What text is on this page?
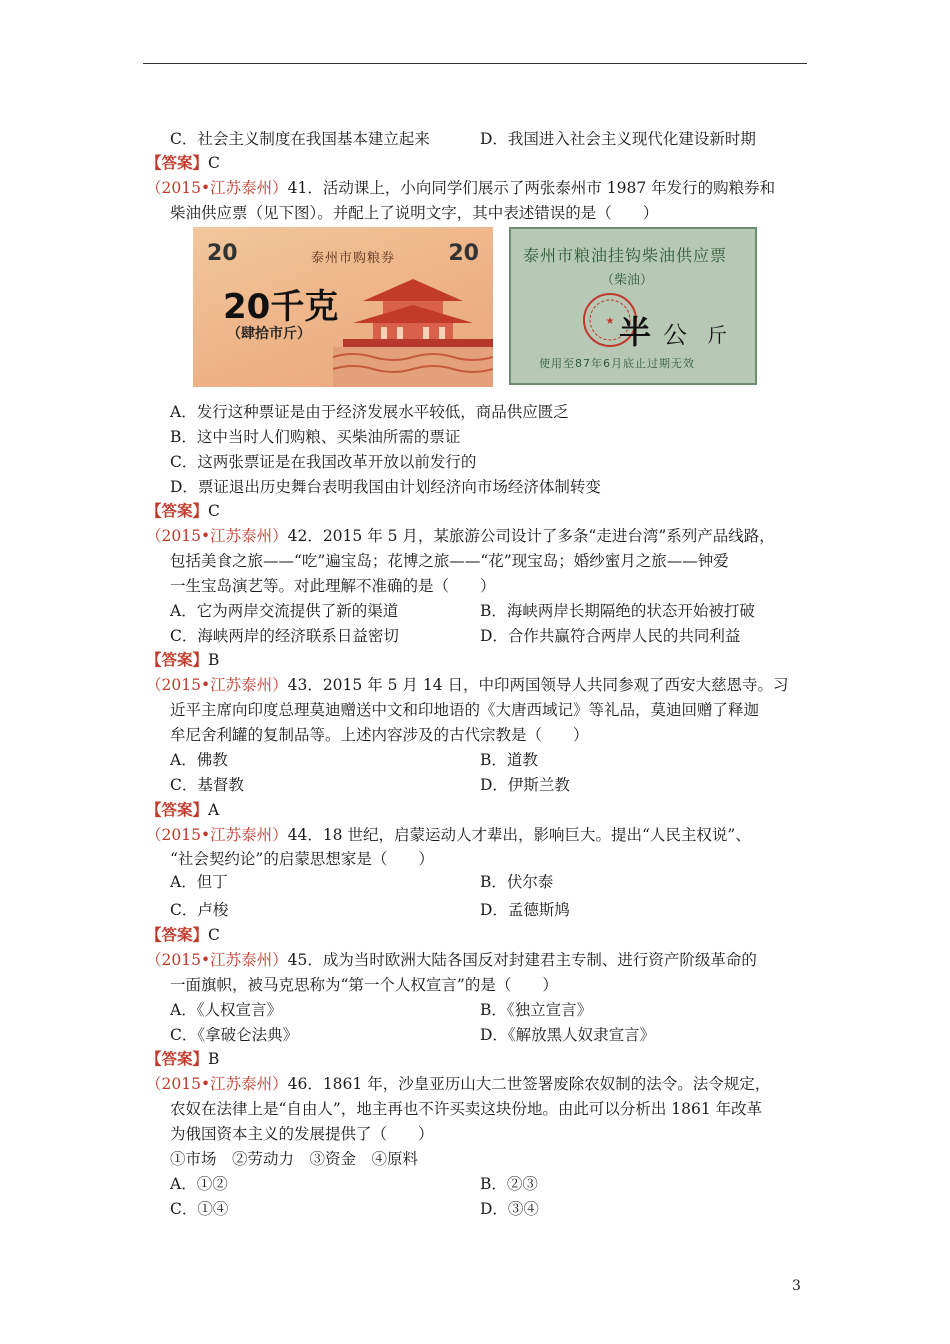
C．社会主义制度在我国基本建立起来	D．我国进入社会主义现代化建设新时期
【答案】C
（2015•江苏泰州）41．活动课上，小向同学们展示了两张泰州市 1987 年发行的购粮券和
柴油供应票（见下图）。并配上了说明文字，其中表述错误的是（　　）
A．发行这种票证是由于经济发展水平较低，商品供应匮乏
B．这中当时人们购粮、买柴油所需的票证
C．这两张票证是在我国改革开放以前发行的
D．票证退出历史舞台表明我国由计划经济向市场经济体制转变
【答案】C
（2015•江苏泰州）42．2015 年 5 月，某旅游公司设计了多条“走进台湾”系列产品线路，
包括美食之旅——“吃”遍宝岛；花博之旅——“花”现宝岛；婚纱蜜月之旅——钟爱
一生宝岛演艺等。对此理解不准确的是（　　）
A．它为两岸交流提供了新的渠道	B．海峡两岸长期隔绝的状态开始被打破
C．海峡两岸的经济联系日益密切	D．合作共赢符合两岸人民的共同利益
【答案】B
（2015•江苏泰州）43．2015 年 5 月 14 日，中印两国领导人共同参观了西安大慈恩寺。习
近平主席向印度总理莫迪赠送中文和印地语的《大唐西域记》等礼品，莫迪回赠了释迦
牟尼舍利罐的复制品等。上述内容涉及的古代宗教是（　　）
A．佛教	B．道教
C．基督教	D．伊斯兰教
【答案】A
（2015•江苏泰州）44．18 世纪，启蒙运动人才辈出，影响巨大。提出“人民主权说”、
“社会契约论”的启蒙思想家是（　　）
A．但丁	B．伏尔泰
C．卢梭	D．孟德斯鸠
【答案】C
（2015•江苏泰州）45．成为当时欧洲大陆各国反对封建君主专制、进行资产阶级革命的
一面旗帜，被马克思称为“第一个人权宣言”的是（　　）
A．《人权宣言》	B．《独立宣言》
C．《拿破仑法典》	D．《解放黑人奴隶宣言》
【答案】B
（2015•江苏泰州）46．1861 年，沙皇亚历山大二世签署废除农奴制的法令。法令规定，
农奴在法律上是“自由人”，地主再也不许买卖这块份地。由此可以分析出 1861 年改革
为俄国资本主义的发展提供了（　　）
①市场　②劳动力　③资金　④原料
A．①②	B．②③
C．①④	D．③④
20	20
泰州市购粮券
20千克
（肆拾市斤）
泰州市粮油挂钩柴油供应票
（柴油）
★ 半 公 斤
使用至87年6月底止过期无效
3
